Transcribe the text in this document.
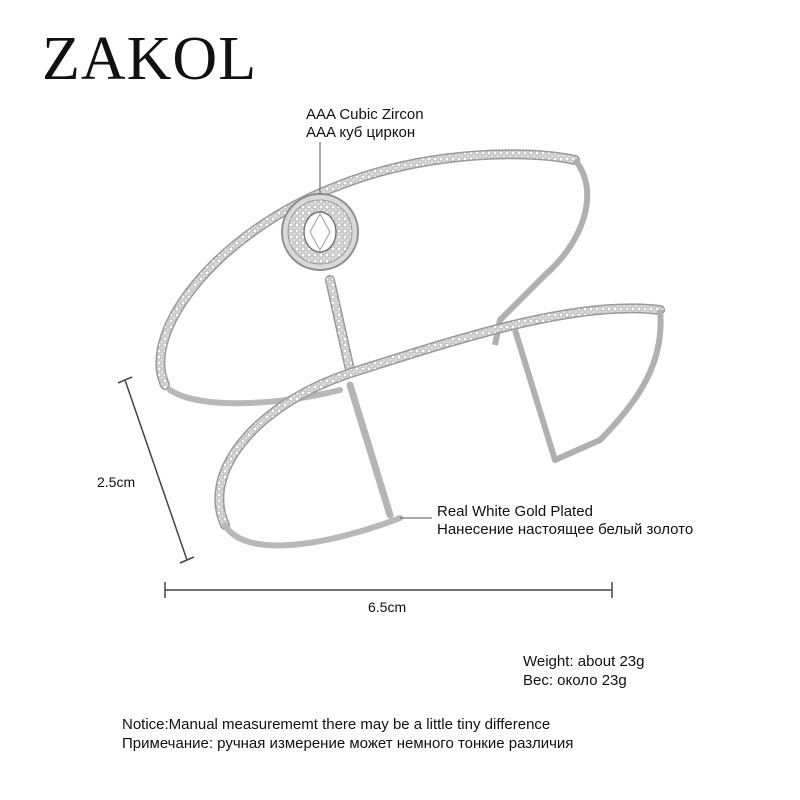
ZAKOL
AAA Cubic Zircon
AAA куб циркон
Real White Gold Plated
Нанесение настоящее белый золото
2.5cm
6.5cm
Weight: about 23g
Вес: около 23g
Notice:Manual measurememt there may be a little tiny difference
Примечание: ручная измерение может немного тонкие различия
